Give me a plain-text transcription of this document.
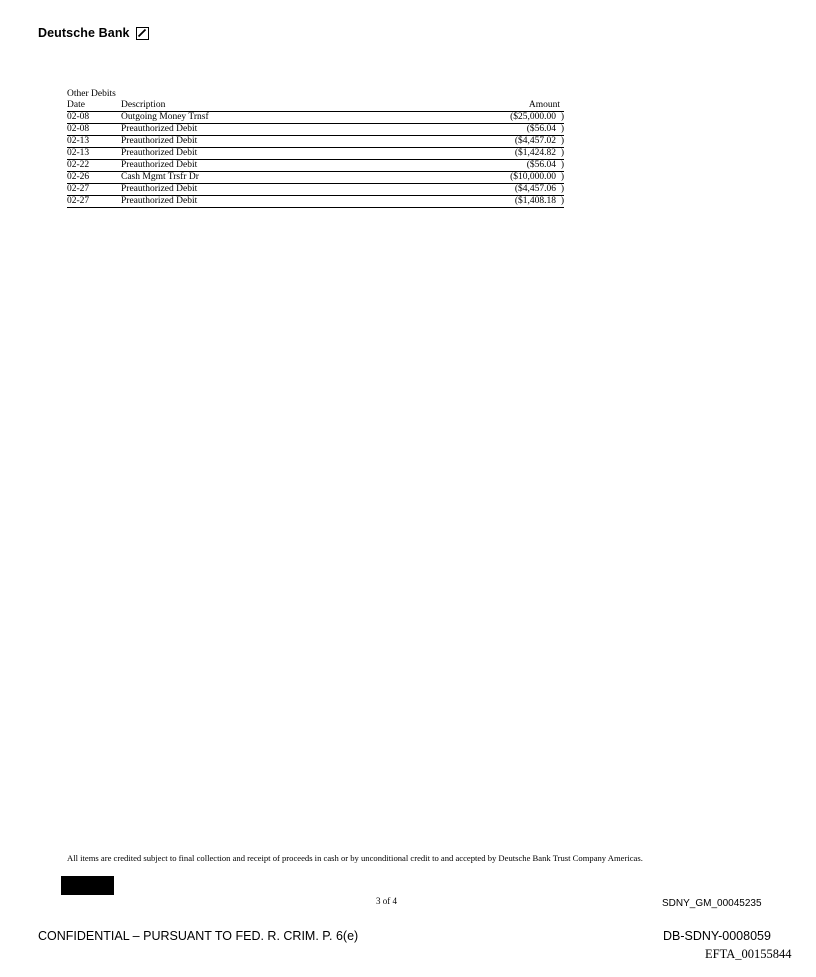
Deutsche Bank
Other Debits
Date	Description	Amount
02-08	Outgoing Money Trnsf	($25,000.00 )
02-08	Preauthorized Debit	($56.04 )
02-13	Preauthorized Debit	($4,457.02 )
02-13	Preauthorized Debit	($1,424.82 )
02-22	Preauthorized Debit	($56.04 )
02-26	Cash Mgmt Trsfr Dr	($10,000.00 )
02-27	Preauthorized Debit	($4,457.06 )
02-27	Preauthorized Debit	($1,408.18 )
All items are credited subject to final collection and receipt of proceeds in cash or by unconditional credit to and accepted by Deutsche Bank Trust Company Americas.
3 of 4	SDNY_GM_00045235
CONFIDENTIAL – PURSUANT TO FED. R. CRIM. P. 6(e)	DB-SDNY-0008059
EFTA_00155844
